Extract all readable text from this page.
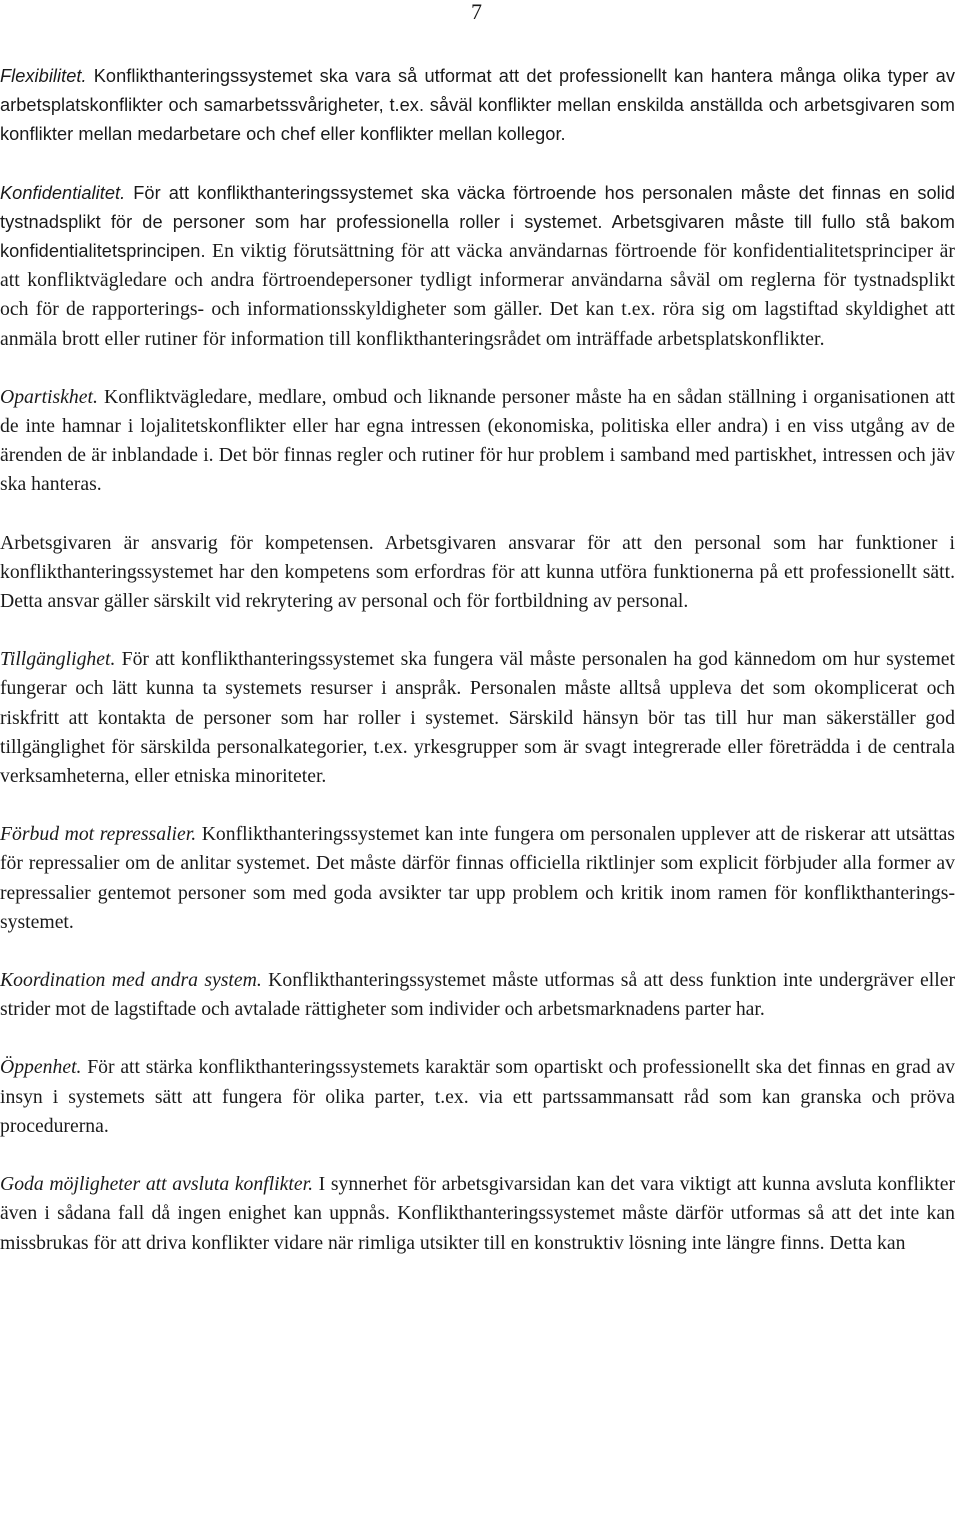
7

Flexibilitet. Konflikthanteringssystemet ska vara så utformat att det professionellt kan hantera många olika typer av arbetsplatskonflikter och samarbetssvårigheter, t.ex. såväl konflikter mellan enskilda anställda och arbetsgivaren som konflikter mellan medarbetare och chef eller konflikter mellan kollegor.

Konfidentialitet. För att konflikthanteringssystemet ska väcka förtroende hos personalen måste det finnas en solid tystnadsplikt för de personer som har professionella roller i systemet. Arbetsgivaren måste till fullo stå bakom konfidentialitetsprincipen. En viktig förutsättning för att väcka användarnas förtroende för konfidentialitetsprinciper är att konfliktvägledare och andra förtroendepersoner tydligt informerar användarna såväl om reglerna för tystnadsplikt och för de rapporterings- och informationsskyldigheter som gäller. Det kan t.ex. röra sig om lagstiftad skyldighet att anmäla brott eller rutiner för information till konflikthanteringsrådet om inträffade arbetsplatskonflikter.

Opartiskhet. Konfliktvägledare, medlare, ombud och liknande personer måste ha en sådan ställning i organisationen att de inte hamnar i lojalitetskonflikter eller har egna intressen (ekonomiska, politiska eller andra) i en viss utgång av de ärenden de är inblandade i. Det bör finnas regler och rutiner för hur problem i samband med partiskhet, intressen och jäv ska hanteras.

Arbetsgivaren är ansvarig för kompetensen. Arbetsgivaren ansvarar för att den personal som har funktioner i konflikthanteringssystemet har den kompetens som erfordras för att kunna utföra funktionerna på ett professionellt sätt. Detta ansvar gäller särskilt vid rekrytering av personal och för fortbildning av personal.

Tillgänglighet. För att konflikthanteringssystemet ska fungera väl måste personalen ha god kännedom om hur systemet fungerar och lätt kunna ta systemets resurser i anspråk. Personalen måste alltså uppleva det som okomplicerat och riskfritt att kontakta de personer som har roller i systemet. Särskild hänsyn bör tas till hur man säkerställer god tillgänglighet för särskilda personalkategorier, t.ex. yrkesgrupper som är svagt integrerade eller företrädda i de centrala verksamheterna, eller etniska minoriteter.

Förbud mot repressalier. Konflikthanteringssystemet kan inte fungera om personalen upplever att de riskerar att utsättas för repressalier om de anlitar systemet. Det måste därför finnas officiella riktlinjer som explicit förbjuder alla former av repressalier gentemot personer som med goda avsikter tar upp problem och kritik inom ramen för konflikthanteringssystemet.

Koordination med andra system. Konflikthanteringssystemet måste utformas så att dess funktion inte undergräver eller strider mot de lagstiftade och avtalade rättigheter som individer och arbetsmarknadens parter har.

Öppenhet. För att stärka konflikthanteringssystemets karaktär som opartiskt och professionellt ska det finnas en grad av insyn i systemets sätt att fungera för olika parter, t.ex. via ett partssammansatt råd som kan granska och pröva procedurerna.

Goda möjligheter att avsluta konflikter. I synnerhet för arbetsgivarsidan kan det vara viktigt att kunna avsluta konflikter även i sådana fall då ingen enighet kan uppnås. Konflikthanteringssystemet måste därför utformas så att det inte kan missbrukas för att driva konflikter vidare när rimliga utsikter till en konstruktiv lösning inte längre finns. Detta kan
